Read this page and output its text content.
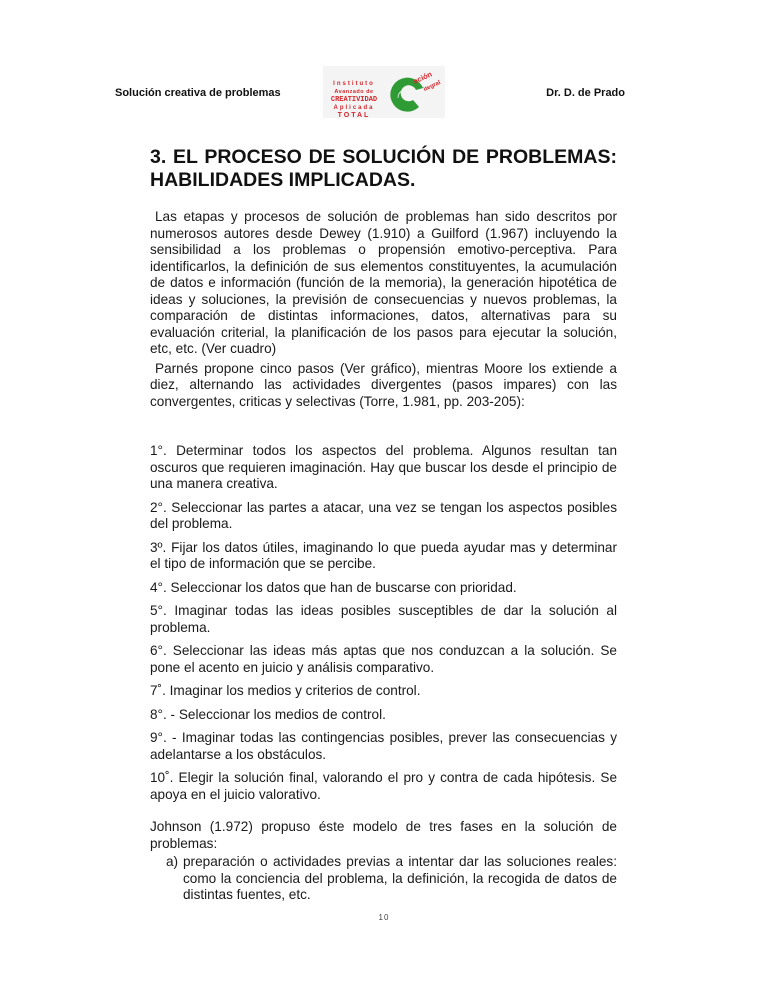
Solución creativa de problemas
Instituto
Avanzado de
CREATIVIDAD
Aplicada
TOTAL
ación
itegral	Dr. D. de Prado
3. EL PROCESO DE SOLUCIÓN DE PROBLEMAS:
HABILIDADES IMPLICADAS.

Las etapas y procesos de solución de problemas han sido descritos por numerosos autores desde Dewey (1.910) a Guilford (1.967) incluyendo la sensibilidad a los problemas o propensión emotivo-perceptiva. Para identificarlos, la definición de sus elementos constituyentes, la acumulación de datos e información (función de la memoria), la generación hipotética de ideas y soluciones, la previsión de consecuencias y nuevos problemas, la comparación de distintas informaciones, datos, alternativas para su evaluación criterial, la planificación de los pasos para ejecutar la solución, etc, etc. (Ver cuadro)

Parnés propone cinco pasos (Ver gráfico), mientras Moore los extiende a diez, alternando las actividades divergentes (pasos impares) con las convergentes, criticas y selectivas (Torre, 1.981, pp. 203-205):

1°. Determinar todos los aspectos del problema. Algunos resultan tan oscuros que requieren imaginación. Hay que buscar los desde el principio de una manera creativa.

2°. Seleccionar las partes a atacar, una vez se tengan los aspectos posibles del problema.

3º. Fijar los datos útiles, imaginando lo que pueda ayudar mas y determinar el tipo de información que se percibe.

4°. Seleccionar los datos que han de buscarse con prioridad.

5°. Imaginar todas las ideas posibles susceptibles de dar la solución al problema.

6°. Seleccionar las ideas más aptas que nos conduzcan a la solución. Se pone el acento en juicio y análisis comparativo.

7˚. Imaginar los medios y criterios de control.

8°. - Seleccionar los medios de control.

9°. - Imaginar todas las contingencias posibles, prever las consecuencias y adelantarse a los obstáculos.

10˚. Elegir la solución final, valorando el pro y contra de cada hipótesis. Se apoya en el juicio valorativo.

Johnson (1.972) propuso éste modelo de tres fases en la solución de problemas:

a) preparación o actividades previas a intentar dar las soluciones reales: como la conciencia del problema, la definición, la recogida de datos de distintas fuentes, etc.
10
